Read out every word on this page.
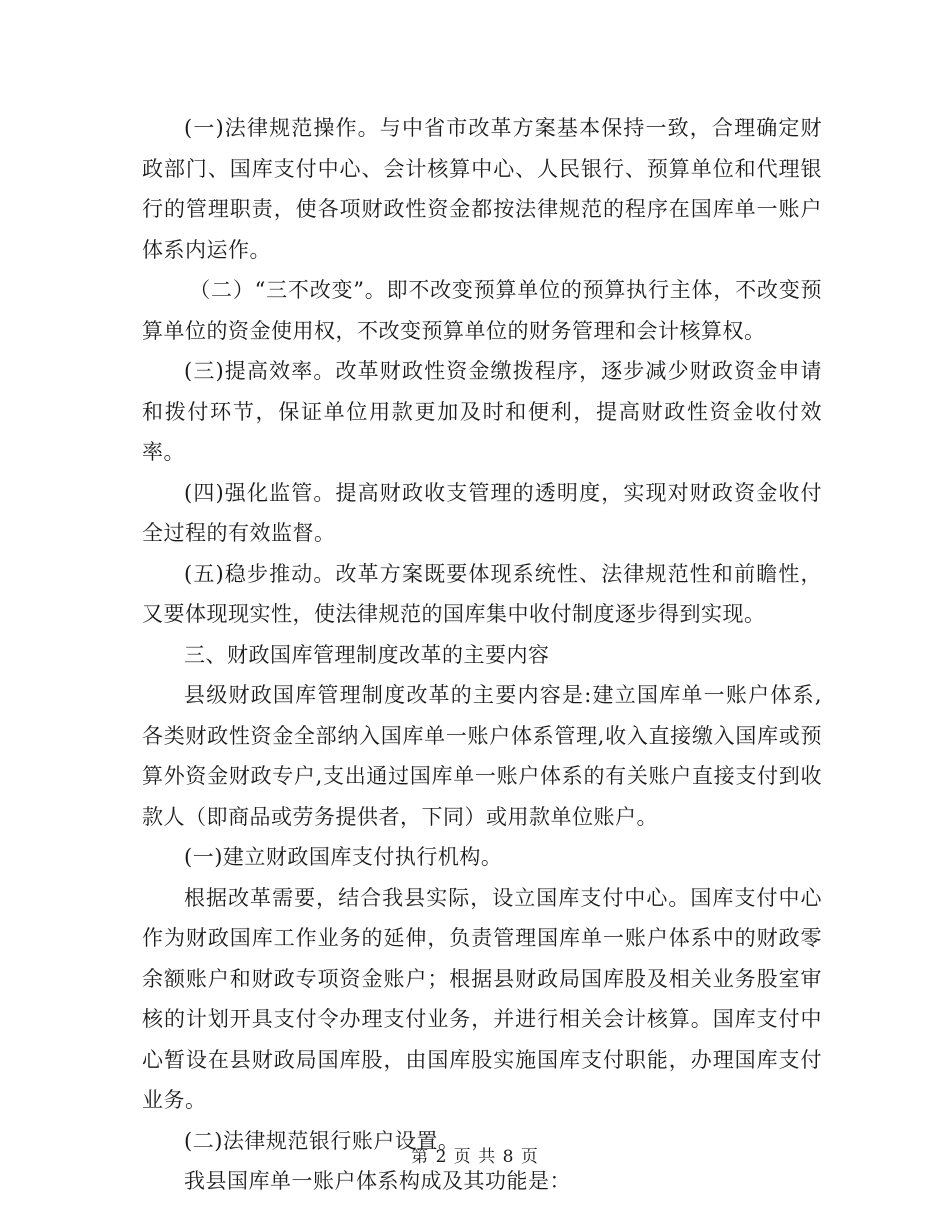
(一)法律规范操作。与中省市改革方案基本保持一致，合理确定财政部门、国库支付中心、会计核算中心、人民银行、预算单位和代理银行的管理职责，使各项财政性资金都按法律规范的程序在国库单一账户体系内运作。

（二）“三不改变”。即不改变预算单位的预算执行主体，不改变预算单位的资金使用权，不改变预算单位的财务管理和会计核算权。

(三)提高效率。改革财政性资金缴拨程序，逐步减少财政资金申请和拨付环节，保证单位用款更加及时和便利，提高财政性资金收付效率。

(四)强化监管。提高财政收支管理的透明度，实现对财政资金收付全过程的有效监督。

(五)稳步推动。改革方案既要体现系统性、法律规范性和前瞻性，又要体现现实性，使法律规范的国库集中收付制度逐步得到实现。

三、财政国库管理制度改革的主要内容

县级财政国库管理制度改革的主要内容是:建立国库单一账户体系,各类财政性资金全部纳入国库单一账户体系管理,收入直接缴入国库或预算外资金财政专户,支出通过国库单一账户体系的有关账户直接支付到收款人（即商品或劳务提供者，下同）或用款单位账户。

(一)建立财政国库支付执行机构。

根据改革需要，结合我县实际，设立国库支付中心。国库支付中心作为财政国库工作业务的延伸，负责管理国库单一账户体系中的财政零余额账户和财政专项资金账户；根据县财政局国库股及相关业务股室审核的计划开具支付令办理支付业务，并进行相关会计核算。国库支付中心暂设在县财政局国库股，由国库股实施国库支付职能，办理国库支付业务。

(二)法律规范银行账户设置。

我县国库单一账户体系构成及其功能是：

第 2 页 共 8 页
